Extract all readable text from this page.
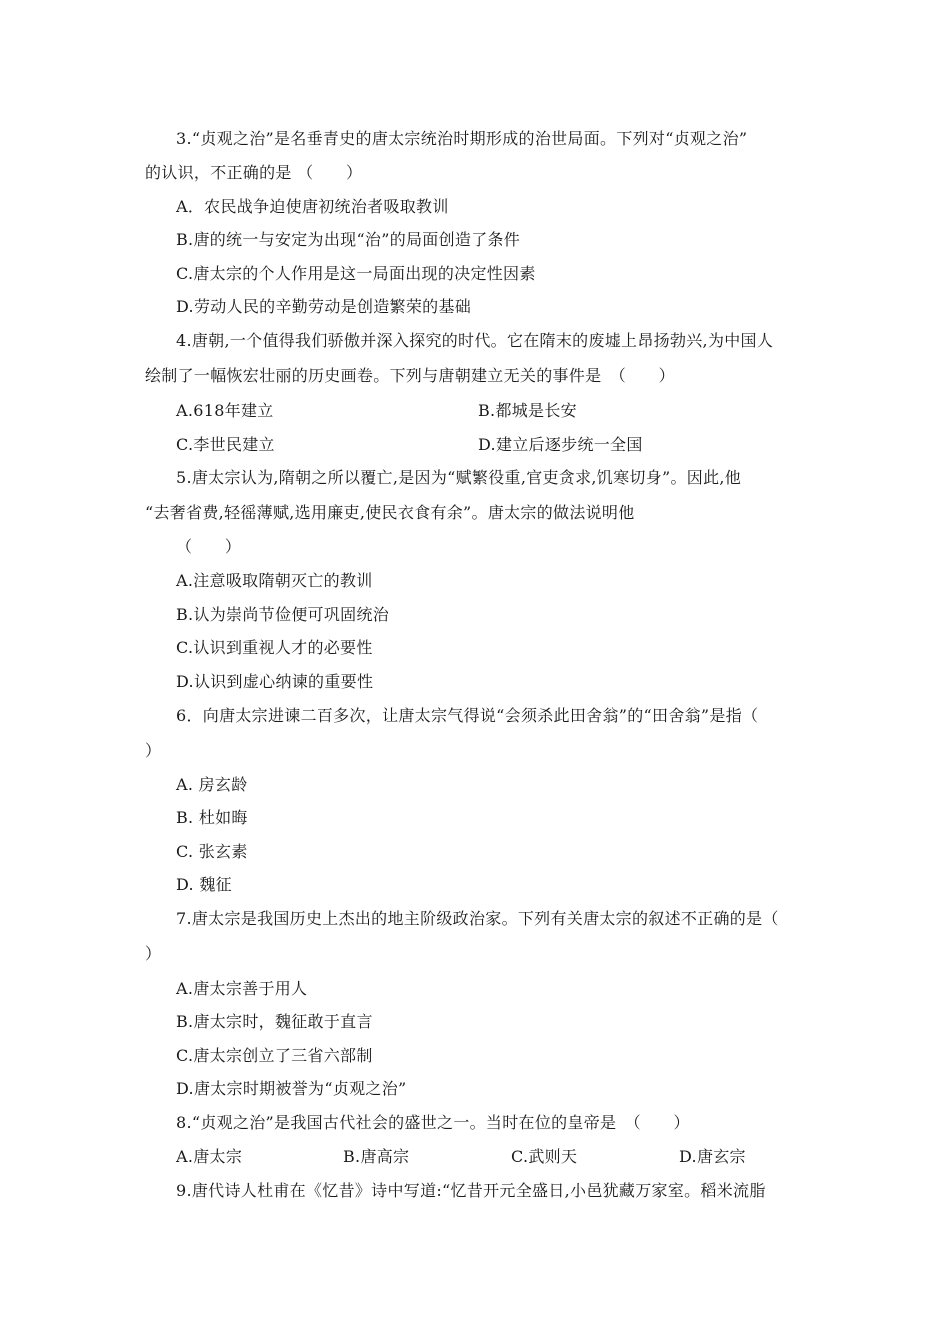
3.“贞观之治”是名垂青史的唐太宗统治时期形成的治世局面。下列对“贞观之治”
的认识，不正确的是 （　　）
A．农民战争迫使唐初统治者吸取教训
B.唐的统一与安定为出现“治”的局面创造了条件
C.唐太宗的个人作用是这一局面出现的决定性因素
D.劳动人民的辛勤劳动是创造繁荣的基础
4.唐朝,一个值得我们骄傲并深入探究的时代。它在隋末的废墟上昂扬勃兴,为中国人
绘制了一幅恢宏壮丽的历史画卷。下列与唐朝建立无关的事件是　（　　）
A.618年建立	B.都城是长安
C.李世民建立	D.建立后逐步统一全国
5.唐太宗认为,隋朝之所以覆亡,是因为“赋繁役重,官吏贪求,饥寒切身”。因此,他
“去奢省费,轻徭薄赋,选用廉吏,使民衣食有余”。唐太宗的做法说明他
（　　）
A.注意吸取隋朝灭亡的教训
B.认为崇尚节俭便可巩固统治
C.认识到重视人才的必要性
D.认识到虚心纳谏的重要性
6．向唐太宗进谏二百多次，让唐太宗气得说“会须杀此田舍翁”的“田舍翁”是指（
）
A. 房玄龄
B. 杜如晦
C. 张玄素
D. 魏征
7.唐太宗是我国历史上杰出的地主阶级政治家。下列有关唐太宗的叙述不正确的是（
）
A.唐太宗善于用人
B.唐太宗时，魏征敢于直言
C.唐太宗创立了三省六部制
D.唐太宗时期被誉为“贞观之治”
8.“贞观之治”是我国古代社会的盛世之一。当时在位的皇帝是　（　　）
A.唐太宗	B.唐高宗	C.武则天	D.唐玄宗
9.唐代诗人杜甫在《忆昔》诗中写道:“忆昔开元全盛日,小邑犹藏万家室。稻米流脂
